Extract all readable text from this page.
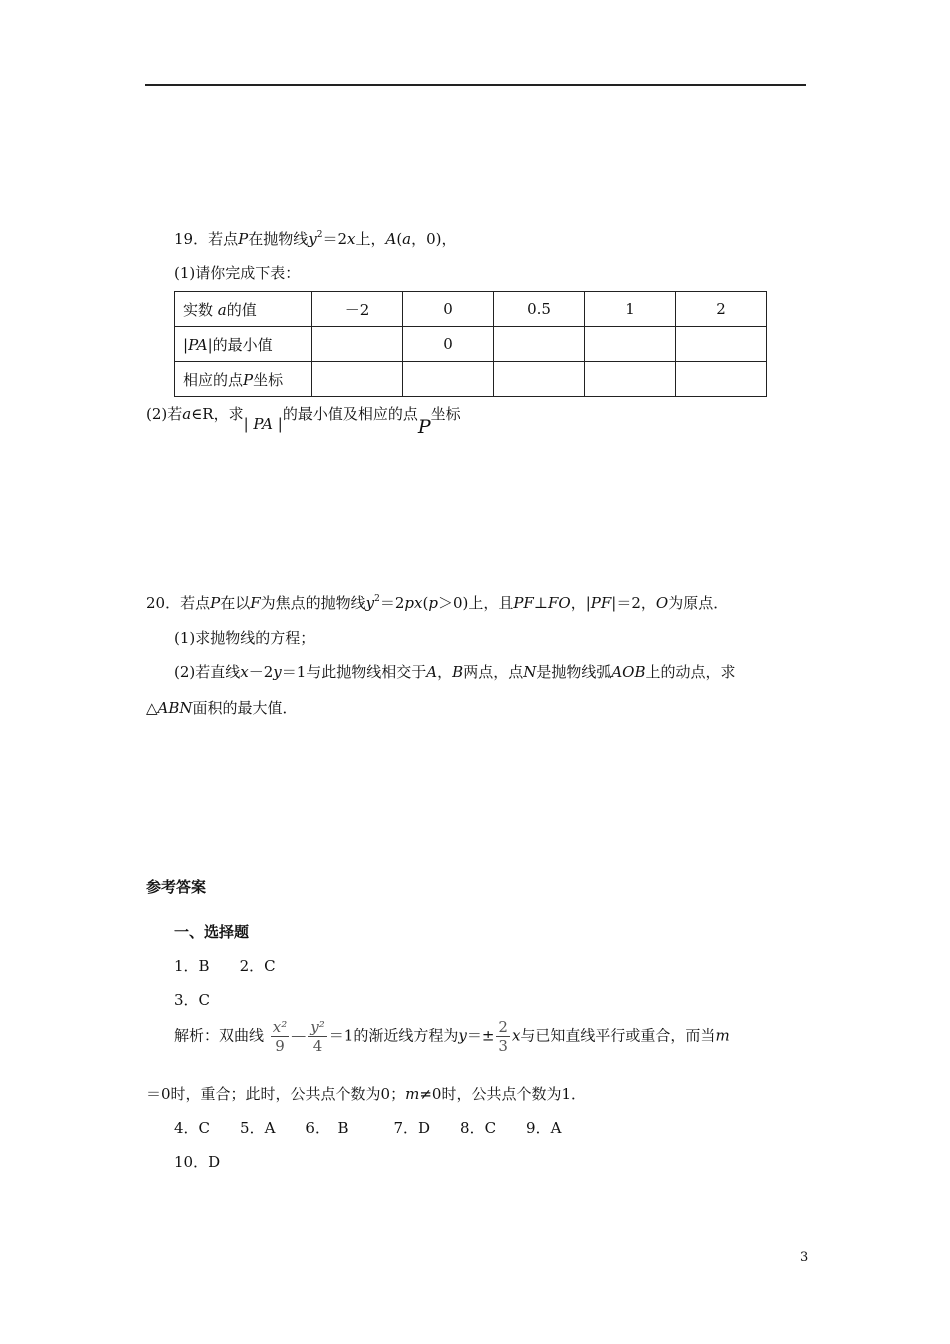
19．若点P在抛物线$y^2=2x$上，A(a，0)，
(1)请你完成下表：
实数 a的值	－2	0	0.5	1	2
|PA|的最小值		0			
相应的点P坐标					
(2)若a∈R，求| PA |的最小值及相应的点P坐标
20．若点P在以F为焦点的抛物线$y^2=2px(p>0)$上，且PF⊥FO，|PF|＝2，O为原点．
(1)求抛物线的方程；
(2)若直线x－2y＝1与此抛物线相交于A，B两点，点N是抛物线弧AOB上的动点，求
△ABN面积的最大值．
参考答案
一、选择题
1．B　　2．C
3．C
解析：双曲线 $\frac{\text{x²}}{9}$ — $\frac{\text{y²}}{4} =1$的渐近线方程为$y=\pm \frac{2}{3}$ x与已知直线平行或重合，而当m
＝0时，重合；此时，公共点个数为0；m≠0时，公共点个数为1．
4．C　　5．A　　6．　B　　　7．D　　8．C　　9．A
10．D
3
